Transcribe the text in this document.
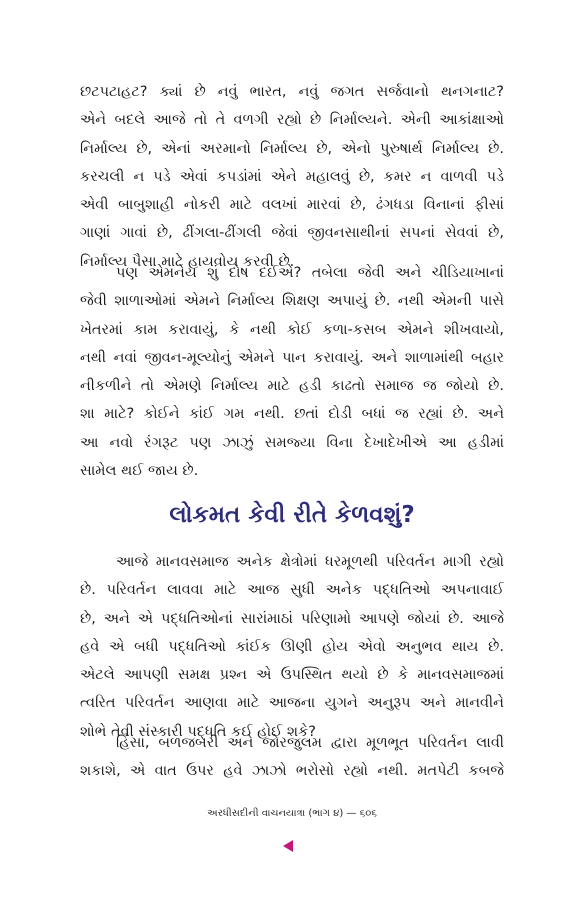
છટપટાહટ? ક્યાં છે નવું ભારત, નવું જગત સર્જવાનો થનગનાટ?
એને બદલે આજે તો તે વળગી રહ્યો છે નિર્માલ્યને. એની આકાંક્ષાઓ
નિર્માલ્ય છે, એનાં અરમાનો નિર્માલ્ય છે, એનો પુરુષાર્થ નિર્માલ્ય છે.
કરચલી ન પડે એવાં કપડાંમાં એને મહાલવું છે, કમર ન વાળવી પડે
એવી બાબુશાહી નોકરી માટે વલખાં મારવાં છે, ઢંગધડા વિનાનાં ફીસાં
ગાણાં ગાવાં છે, ઢીંગલા-ઢીંગલી જેવાં જીવનસાથીનાં સપનાં સેવવાં છે,
નિર્માલ્ય પૈસા માટે હાયવોય કરવી છે.
પણ એમનેય શું દોષ દઈએ? તબેલા જેવી અને ચીડિયાખાનાં
જેવી શાળાઓમાં એમને નિર્માલ્ય શિક્ષણ અપાયું છે. નથી એમની પાસે
ખેતરમાં કામ કરાવાયું, કે નથી કોઈ કળા-કસબ એમને શીખવાયો,
નથી નવાં જીવન-મૂલ્યોનું એમને પાન કરાવાયું. અને શાળામાંથી બહાર
નીકળીને તો એમણે નિર્માલ્ય માટે હડી કાઢતો સમાજ જ જોયો છે.
શા માટે? કોઈને કાંઈ ગમ નથી. છતાં દોડી બધાં જ રહ્યાં છે. અને
આ નવો રંગરૂટ પણ ઝાઝું સમજ્યા વિના દેખાદેખીએ આ હડીમાં
સામેલ થઈ જાય છે.
લોકમત કેવી રીતે કેળવશું?
આજે માનવસમાજ અનેક ક્ષેત્રોમાં ધરમૂળથી પરિવર્તન માગી રહ્યો
છે. પરિવર્તન લાવવા માટે આજ સુધી અનેક પદ્ધતિઓ અપનાવાઈ
છે, અને એ પદ્ધતિઓનાં સારાંમાઠાં પરિણામો આપણે જોયાં છે. આજે
હવે એ બધી પદ્ધતિઓ કાંઈક ઊણી હોય એવો અનુભવ થાય છે.
એટલે આપણી સમક્ષ પ્રશ્ન એ ઉપસ્થિત થયો છે કે માનવસમાજમાં
ત્વરિત પરિવર્તન આણવા માટે આજના યુગને અનુરૂપ અને માનવીને
શોભે તેવી સંસ્કારી પદ્ધતિ કઈ હોઈ શકે?
હિંસા, બળજબરી અને જોરજુલમ દ્વારા મૂળભૂત પરિવર્તન લાવી
શકાશે, એ વાત ઉપર હવે ઝાઝો ભરોસો રહ્યો નથી. મતપેટી કબજે
અરધીસદીની વાચનયાત્રા (ભાગ ૪) — ૬૦૬
